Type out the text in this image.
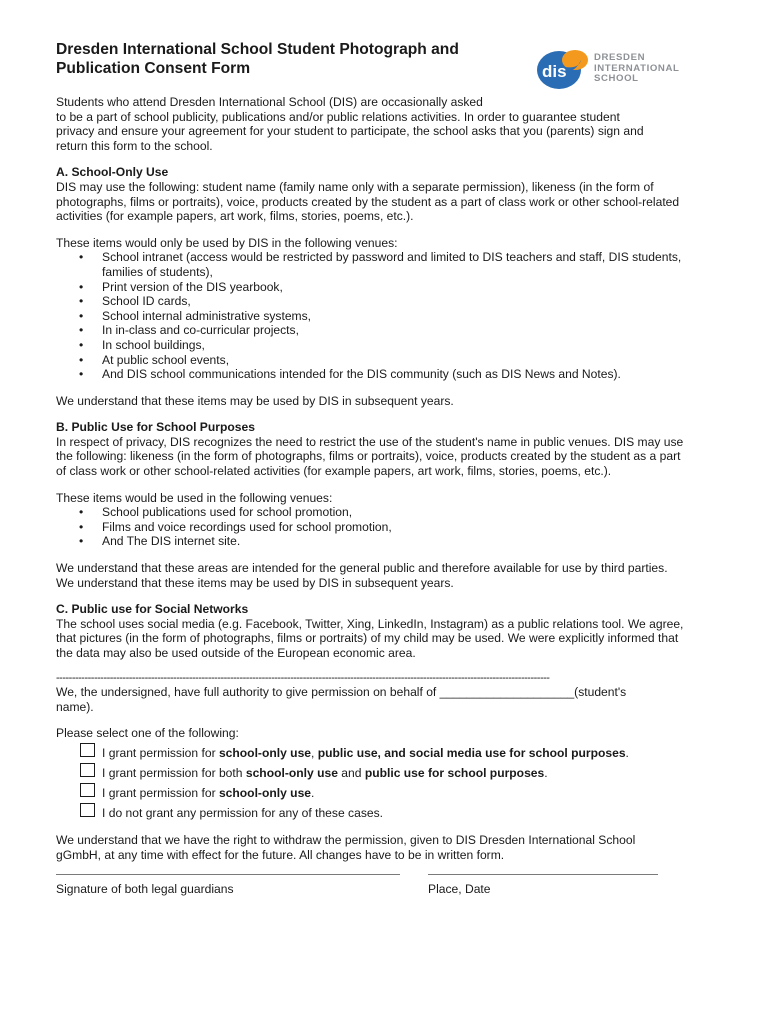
dis
DRESDEN
INTERNATIONAL
SCHOOL
Dresden International School Student Photograph and
Publication Consent Form
Students who attend Dresden International School (DIS) are occasionally asked
to be a part of school publicity, publications and/or public relations activities. In order to guarantee student
privacy and ensure your agreement for your student to participate, the school asks that you (parents) sign and
return this form to the school.
A. School-Only Use

DIS may use the following: student name (family name only with a separate permission), likeness (in the form of photographs, films or portraits), voice, products created by the student as a part of class work or other school-related activities (for example papers, art work, films, stories, poems, etc.).

These items would only be used by DIS in the following venues:

• School intranet (access would be restricted by password and limited to DIS teachers and staff, DIS students, families of students),
• Print version of the DIS yearbook,
• School ID cards,
• School internal administrative systems,
• In in-class and co-curricular projects,
• In school buildings,
• At public school events,
• And DIS school communications intended for the DIS community (such as DIS News and Notes).

We understand that these items may be used by DIS in subsequent years.

B. Public Use for School Purposes

In respect of privacy, DIS recognizes the need to restrict the use of the student's name in public venues. DIS may use the following: likeness (in the form of photographs, films or portraits), voice, products created by the student as a part of class work or other school-related activities (for example papers, art work, films, stories, poems, etc.).

These items would be used in the following venues:

• School publications used for school promotion,
• Films and voice recordings used for school promotion,
• And The DIS internet site.

We understand that these areas are intended for the general public and therefore available for use by third parties.

We understand that these items may be used by DIS in subsequent years.

C. Public use for Social Networks

The school uses social media (e.g. Facebook, Twitter, Xing, LinkedIn, Instagram) as a public relations tool. We agree, that pictures (in the form of photographs, films or portraits) of my child may be used. We were explicitly informed that the data may also be used outside of the European economic area.

------------------------------------------------------------------------------------------------------------------------------------------------------------

We, the undersigned, have full authority to give permission on behalf of ____________________(student's

name).

Please select one of the following:

I grant permission for school-only use, public use, and social media use for school purposes.
I grant permission for both school-only use and public use for school purposes.
I grant permission for school-only use.
I do not grant any permission for any of these cases.

We understand that we have the right to withdraw the permission, given to DIS Dresden International School

gGmbH, at any time with effect for the future. All changes have to be in written form.

Signature of both legal guardians	Place, Date
